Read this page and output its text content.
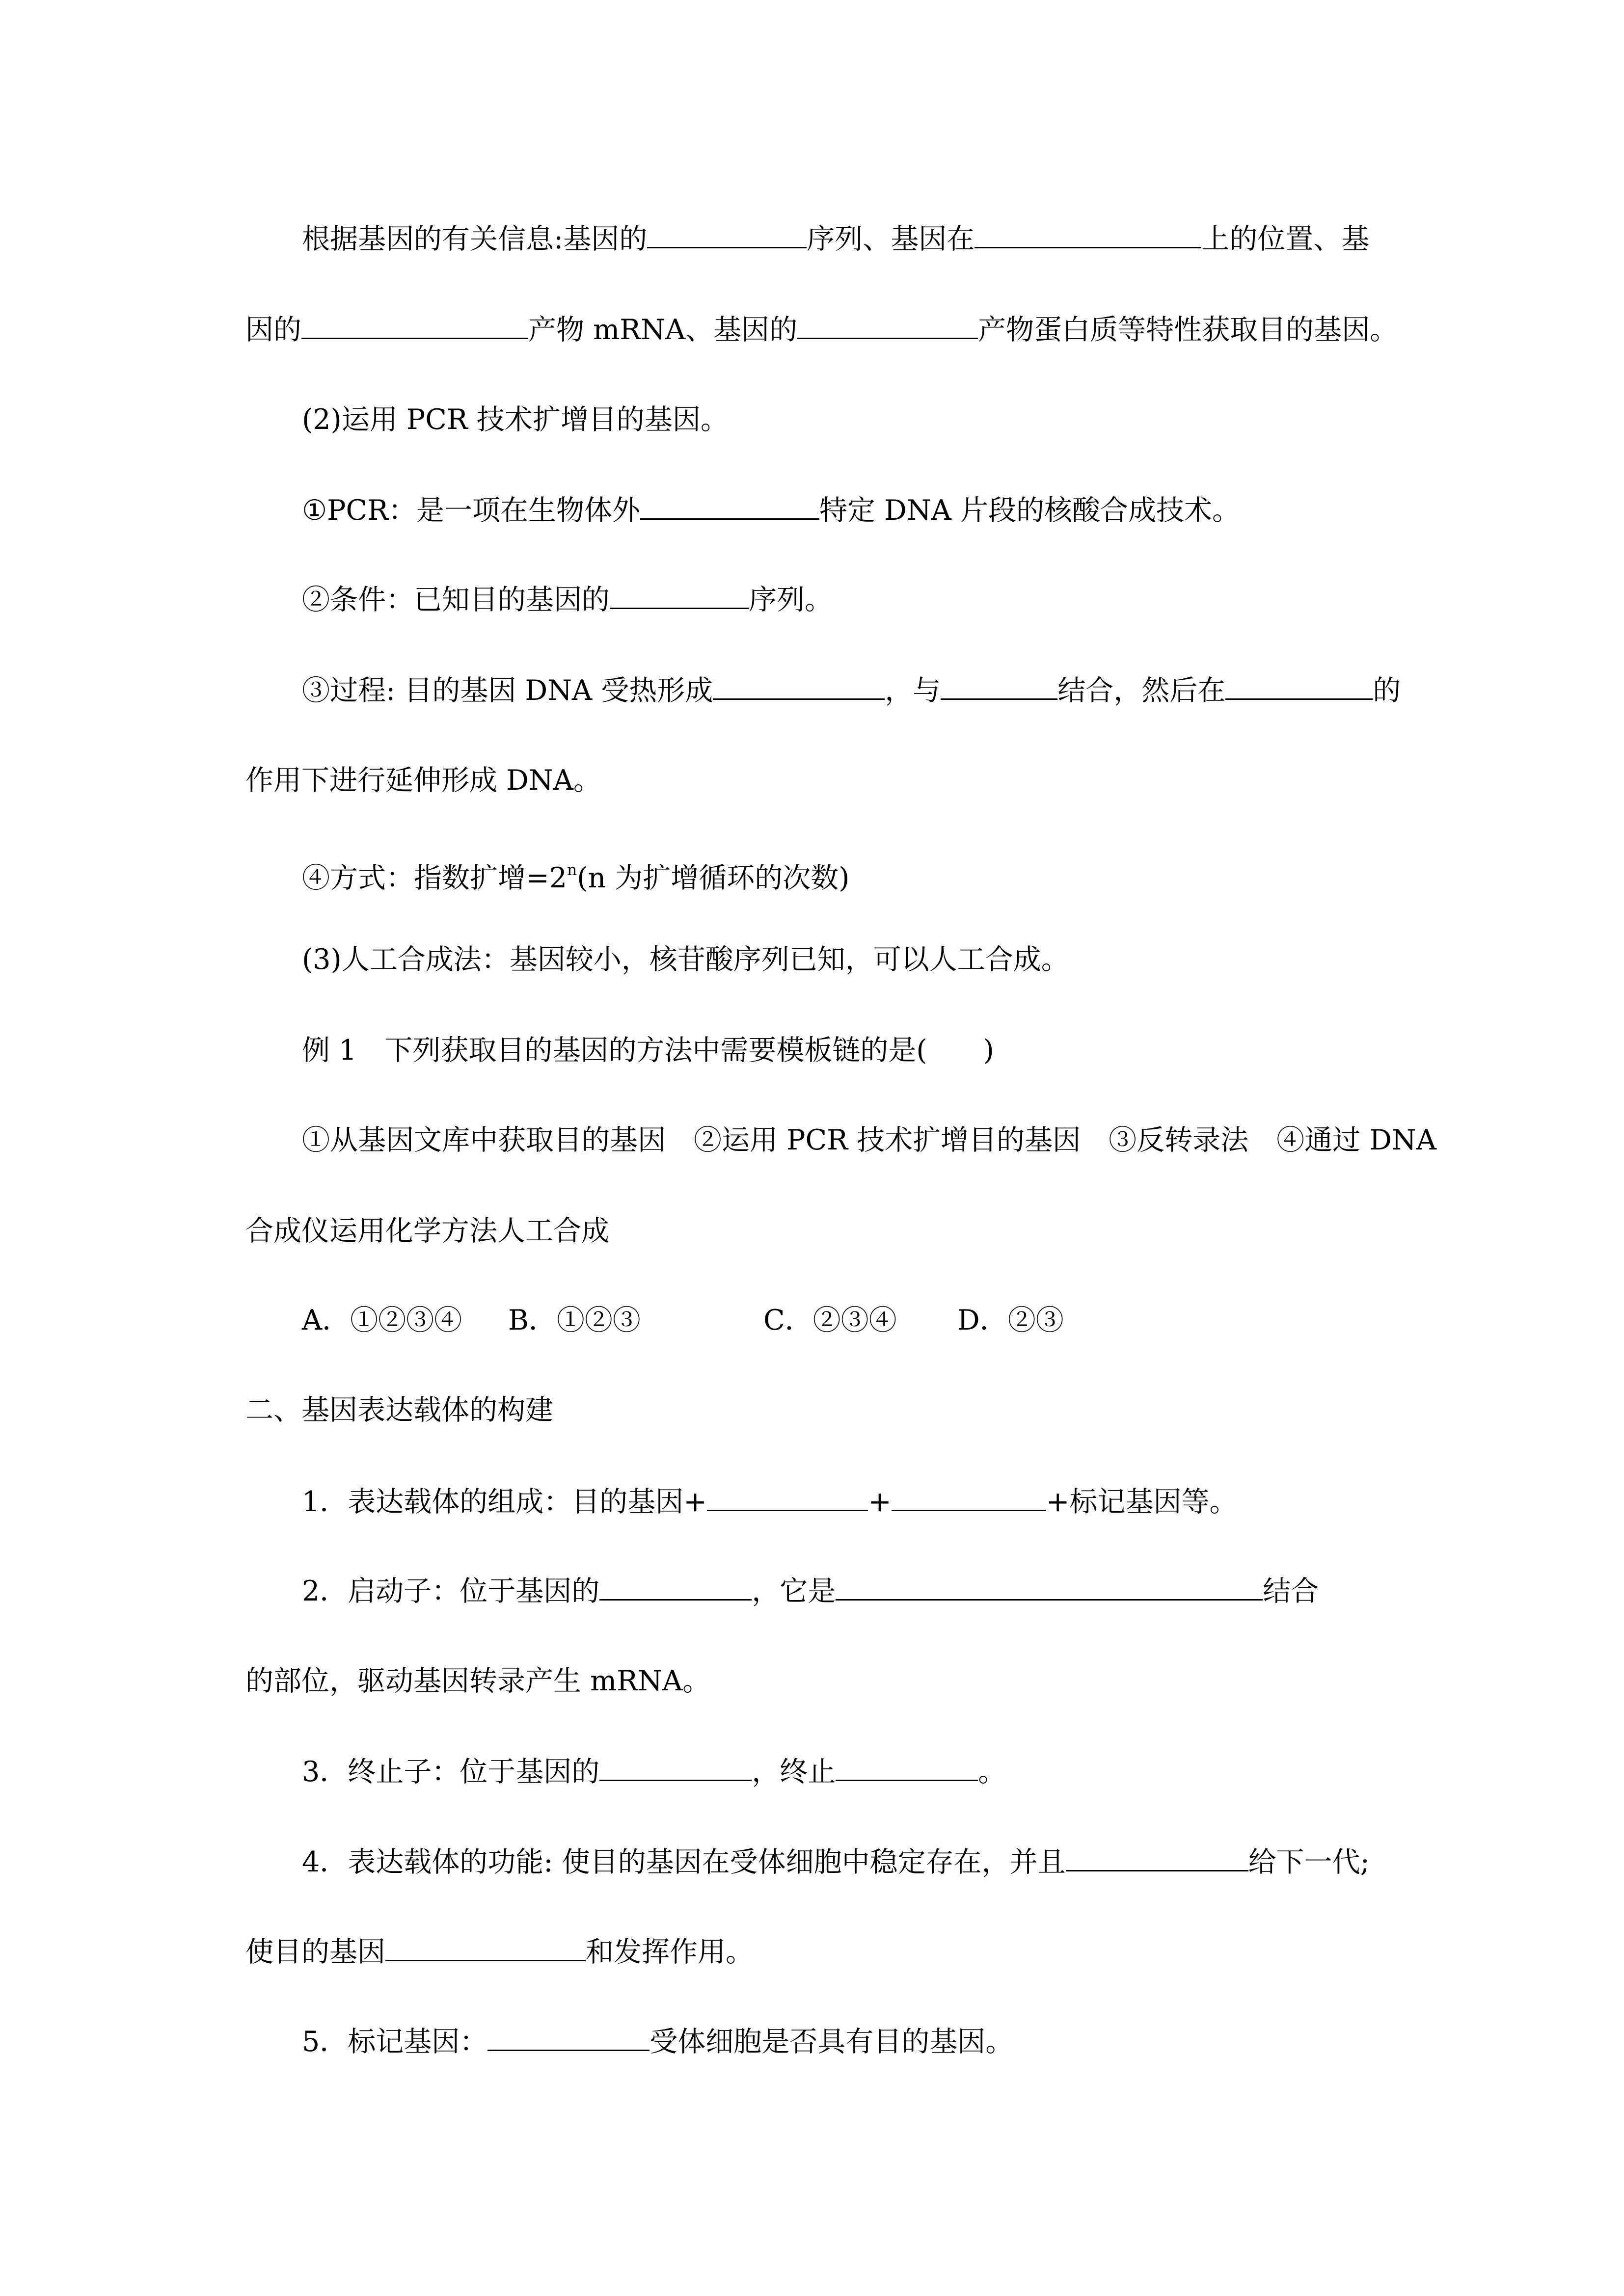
根据基因的有关信息:基因的	序列、基因在	上的位置、基
因的	产物 mRNA、基因的	产物蛋白质等特性获取目的基因。
(2)运用 PCR 技术扩增目的基因。
①PCR：是一项在生物体外	特定 DNA 片段的核酸合成技术。
②条件：已知目的基因的	序列。
③过程: 目的基因 DNA 受热形成	，与	结合，然后在	的
作用下进行延伸形成 DNA。
④方式：指数扩增$=2^n(n$ 为扩增循环的次数)
(3)人工合成法：基因较小，核苷酸序列已知，可以人工合成。
例 1　下列获取目的基因的方法中需要模板链的是(　　)
①从基因文库中获取目的基因　②运用 PCR 技术扩增目的基因　③反转录法　④通过 DNA
合成仪运用化学方法人工合成
A．①②③④ B．①②③	C．②③④ D．②③
二、基因表达载体的构建
1．表达载体的组成：目的基因+	+	+标记基因等。
2．启动子：位于基因的	，它是	结合
的部位，驱动基因转录产生 mRNA。
3．终止子：位于基因的	，终止	。
4．表达载体的功能: 使目的基因在受体细胞中稳定存在，并且	给下一代;
使目的基因	和发挥作用。
5．标记基因：	受体细胞是否具有目的基因。
